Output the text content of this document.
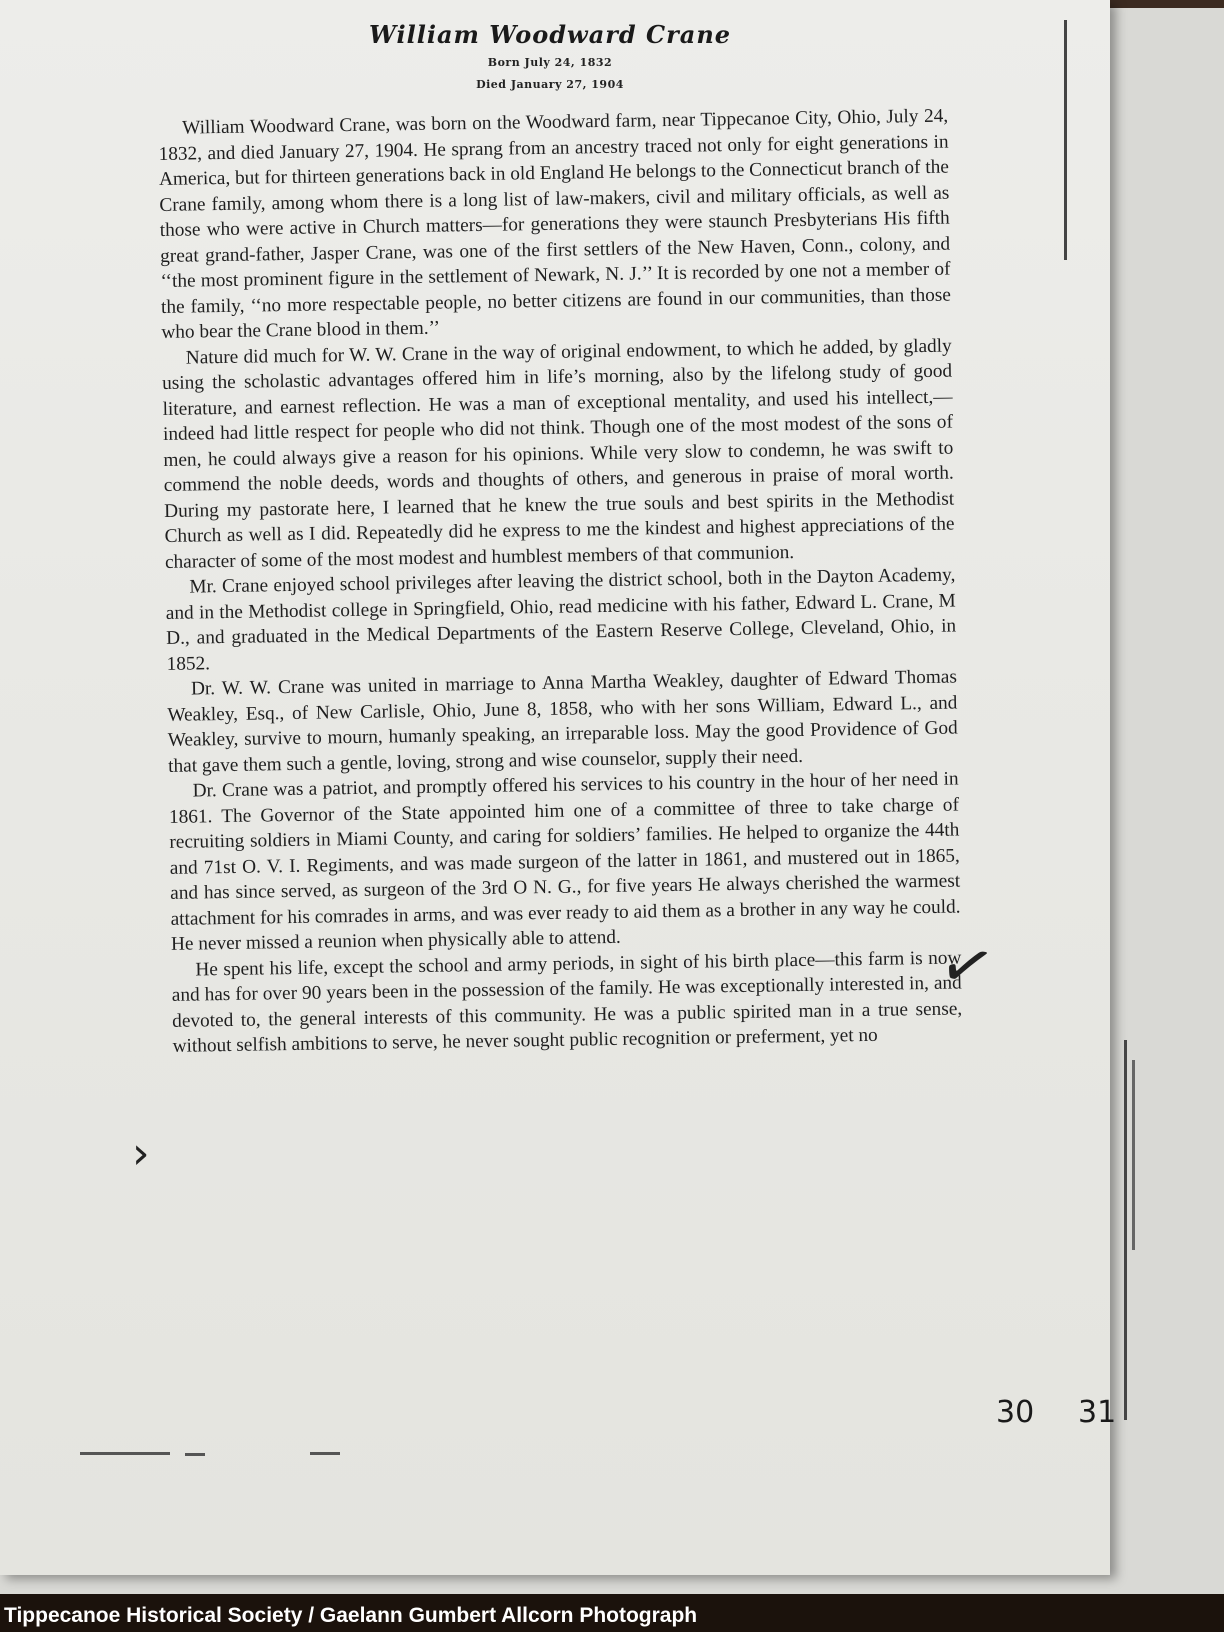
William Woodward Crane
Born July 24, 1832
Died January 27, 1904

William Woodward Crane, was born on the Woodward farm, near Tippecanoe City, Ohio, July 24, 1832, and died January 27, 1904. He sprang from an ancestry traced not only for eight generations in America, but for thirteen generations back in old England He belongs to the Connecticut branch of the Crane family, among whom there is a long list of law-makers, civil and military officials, as well as those who were active in Church matters—for generations they were staunch Presbyterians His fifth great grand-father, Jasper Crane, was one of the first settlers of the New Haven, Conn., colony, and ‘‘the most prominent figure in the settlement of Newark, N. J.’’ It is recorded by one not a member of the family, ‘‘no more respectable people, no better citizens are found in our communities, than those who bear the Crane blood in them.’’

Nature did much for W. W. Crane in the way of original endowment, to which he added, by gladly using the scholastic advantages offered him in life’s morning, also by the lifelong study of good literature, and earnest reflection. He was a man of exceptional mentality, and used his intellect,— indeed had little respect for people who did not think. Though one of the most modest of the sons of men, he could always give a reason for his opinions. While very slow to condemn, he was swift to commend the noble deeds, words and thoughts of others, and generous in praise of moral worth. During my pastorate here, I learned that he knew the true souls and best spirits in the Methodist Church as well as I did. Repeatedly did he express to me the kindest and highest appreciations of the character of some of the most modest and humblest members of that communion.

Mr. Crane enjoyed school privileges after leaving the district school, both in the Dayton Academy, and in the Methodist college in Springfield, Ohio, read medicine with his father, Edward L. Crane, M D., and graduated in the Medical Departments of the Eastern Reserve College, Cleveland, Ohio, in 1852.

Dr. W. W. Crane was united in marriage to Anna Martha Weakley, daughter of Edward Thomas Weakley, Esq., of New Carlisle, Ohio, June 8, 1858, who with her sons William, Edward L., and Weakley, survive to mourn, humanly speaking, an irreparable loss. May the good Providence of God that gave them such a gentle, loving, strong and wise counselor, supply their need.

Dr. Crane was a patriot, and promptly offered his services to his country in the hour of her need in 1861. The Governor of the State appointed him one of a committee of three to take charge of recruiting soldiers in Miami County, and caring for soldiers’ families. He helped to organize the 44th and 71st O. V. I. Regiments, and was made surgeon of the latter in 1861, and mustered out in 1865, and has since served, as surgeon of the 3rd O N. G., for five years He always cherished the warmest attachment for his comrades in arms, and was ever ready to aid them as a brother in any way he could. He never missed a reunion when physically able to attend.

He spent his life, except the school and army periods, in sight of his birth place—this farm is now and has for over 90 years been in the possession of the family. He was exceptionally interested in, and devoted to, the general interests of this community. He was a public spirited man in a true sense, without selfish ambitions to serve, he never sought public recognition or preferment, yet no

✓
›
30 31
Tippecanoe Historical Society / Gaelann Gumbert Allcorn Photograph
